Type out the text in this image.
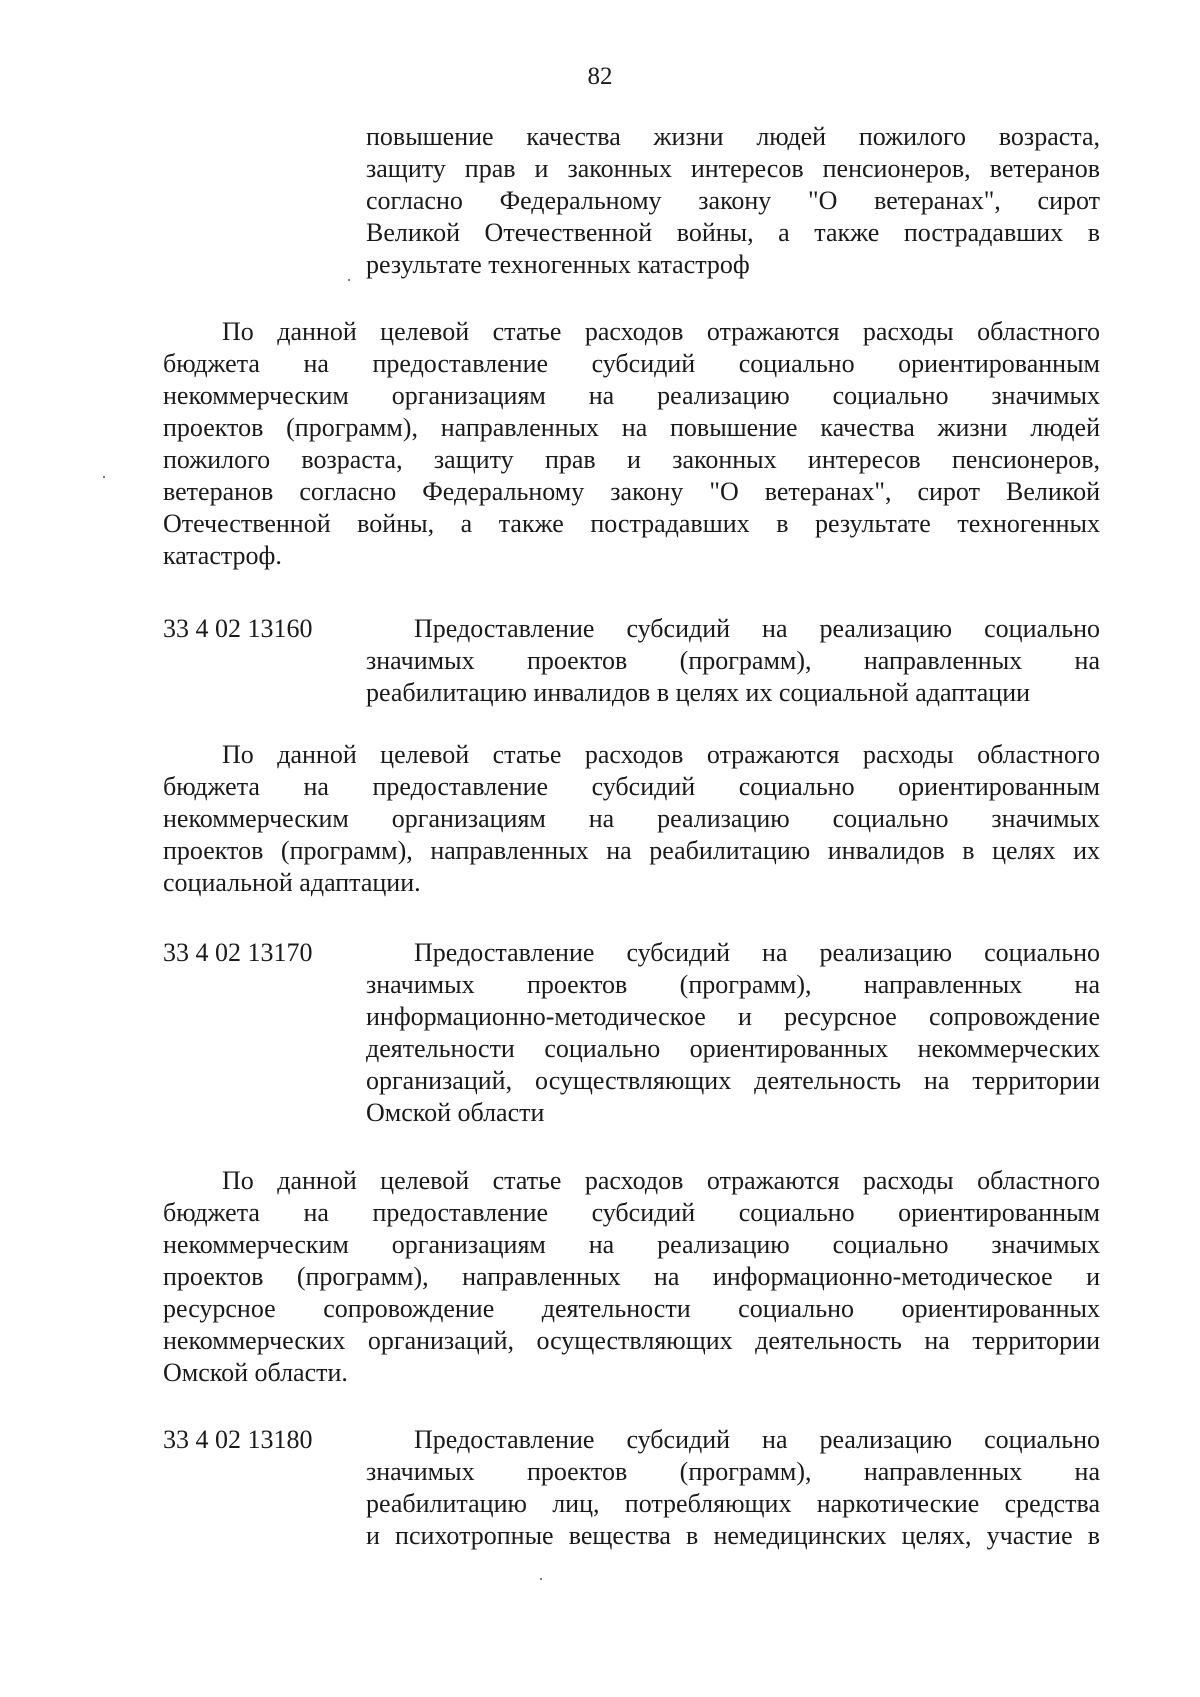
82
повышение качества жизни людей пожилого возраста,
защиту прав и законных интересов пенсионеров, ветеранов
согласно Федеральному закону "О ветеранах", сирот
Великой Отечественной войны, а также пострадавших в
результате техногенных катастроф
По данной целевой статье расходов отражаются расходы областного
бюджета на предоставление субсидий социально ориентированным
некоммерческим организациям на реализацию социально значимых
проектов (программ), направленных на повышение качества жизни людей
пожилого возраста, защиту прав и законных интересов пенсионеров,
ветеранов согласно Федеральному закону "О ветеранах", сирот Великой
Отечественной войны, а также пострадавших в результате техногенных
катастроф.
33 4 02 13160	Предоставление субсидий на реализацию социально
значимых проектов (программ), направленных на
реабилитацию инвалидов в целях их социальной адаптации
По данной целевой статье расходов отражаются расходы областного
бюджета на предоставление субсидий социально ориентированным
некоммерческим организациям на реализацию социально значимых
проектов (программ), направленных на реабилитацию инвалидов в целях их
социальной адаптации.
33 4 02 13170	Предоставление субсидий на реализацию социально
значимых проектов (программ), направленных на
информационно-методическое и ресурсное сопровождение
деятельности социально ориентированных некоммерческих
организаций, осуществляющих деятельность на территории
Омской области
По данной целевой статье расходов отражаются расходы областного
бюджета на предоставление субсидий социально ориентированным
некоммерческим организациям на реализацию социально значимых
проектов (программ), направленных на информационно-методическое и
ресурсное сопровождение деятельности социально ориентированных
некоммерческих организаций, осуществляющих деятельность на территории
Омской области.
33 4 02 13180	Предоставление субсидий на реализацию социально
значимых проектов (программ), направленных на
реабилитацию лиц, потребляющих наркотические средства
и психотропные вещества в немедицинских целях, участие в
